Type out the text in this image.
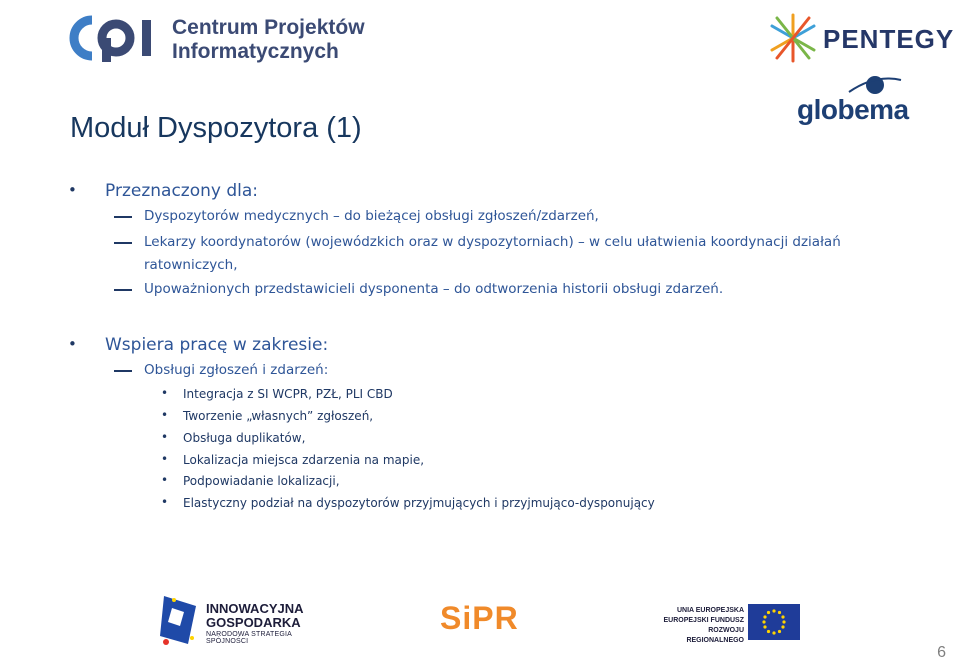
Centrum Projektów
Informatycznych	PENTEGY
globema
Moduł Dyspozytora (1)
• Przeznaczony dla:
Dyspozytorów medycznych – do bieżącej obsługi zgłoszeń/zdarzeń,
Lekarzy koordynatorów (wojewódzkich oraz w dyspozytorniach) – w celu ułatwienia koordynacji działań ratowniczych,
Upoważnionych przedstawicieli dysponenta – do odtworzenia historii obsługi zdarzeń.
• Wspiera pracę w zakresie:
Obsługi zgłoszeń i zdarzeń:
• Integracja z SI WCPR, PZŁ, PLI CBD
• Tworzenie „własnych” zgłoszeń,
• Obsługa duplikatów,
• Lokalizacja miejsca zdarzenia na mapie,
• Podpowiadanie lokalizacji,
• Elastyczny podział na dyspozytorów przyjmujących i przyjmująco-dysponujący
INNOWACYJNA
GOSPODARKA
NARODOWA STRATEGIA SPÓJNOŚCI
SiPR	UNIA EUROPEJSKA
EUROPEJSKI FUNDUSZ
ROZWOJU REGIONALNEGO
6
